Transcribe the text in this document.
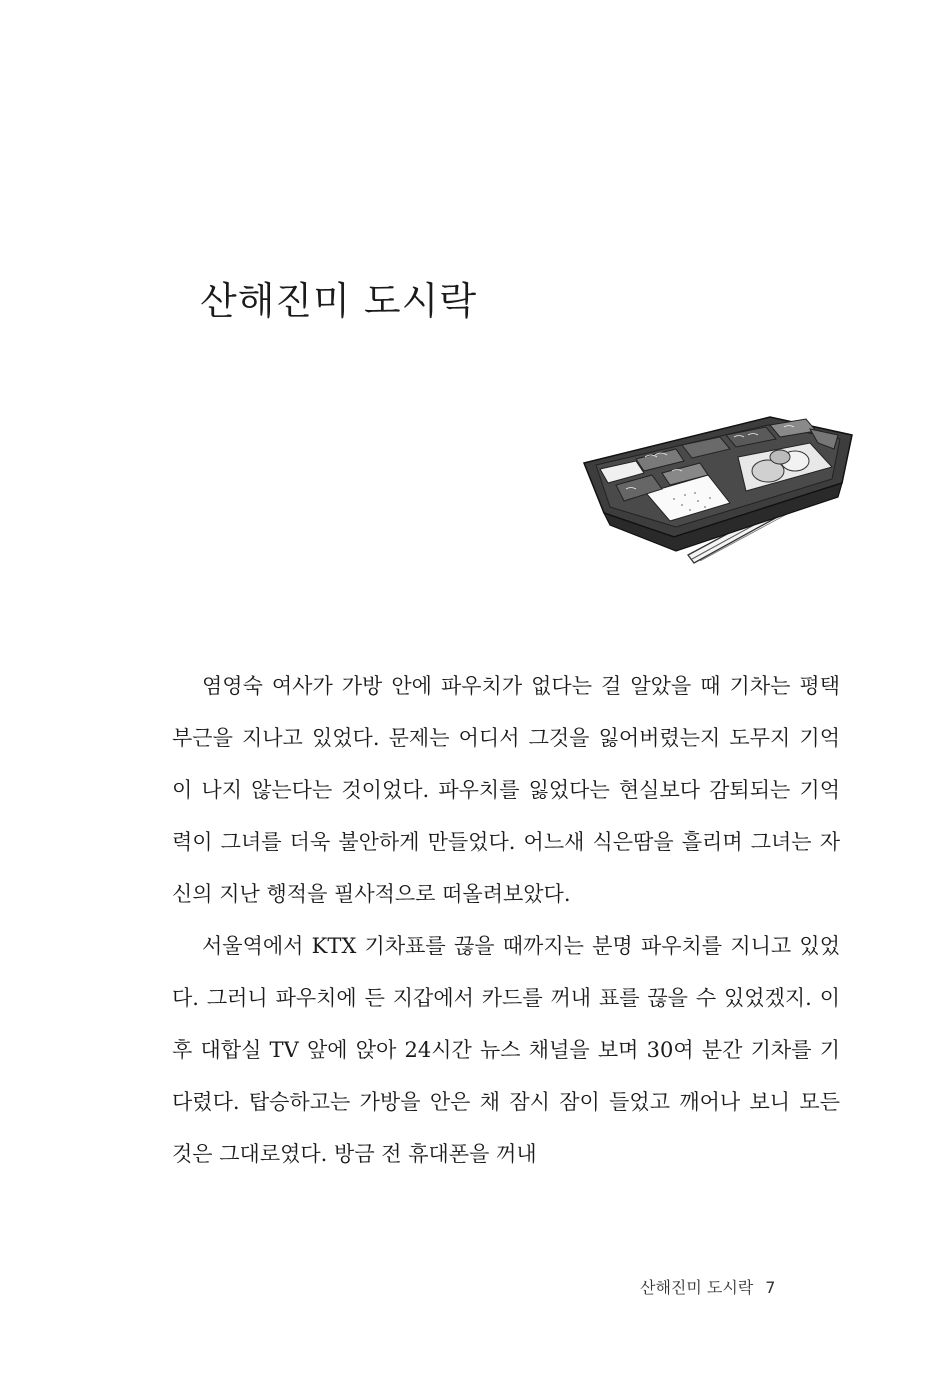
산해진미 도시락

염영숙 여사가 가방 안에 파우치가 없다는 걸 알았을 때 기차는 평택 부근을 지나고 있었다. 문제는 어디서 그것을 잃어버렸는지 도무지 기억이 나지 않는다는 것이었다. 파우치를 잃었다는 현실보다 감퇴되는 기억력이 그녀를 더욱 불안하게 만들었다. 어느새 식은땀을 흘리며 그녀는 자신의 지난 행적을 필사적으로 떠올려보았다.

서울역에서 KTX 기차표를 끊을 때까지는 분명 파우치를 지니고 있었다. 그러니 파우치에 든 지갑에서 카드를 꺼내 표를 끊을 수 있었겠지. 이후 대합실 TV 앞에 앉아 24시간 뉴스 채널을 보며 30여 분간 기차를 기다렸다. 탑승하고는 가방을 안은 채 잠시 잠이 들었고 깨어나 보니 모든 것은 그대로였다. 방금 전 휴대폰을 꺼내

산해진미 도시락 7
